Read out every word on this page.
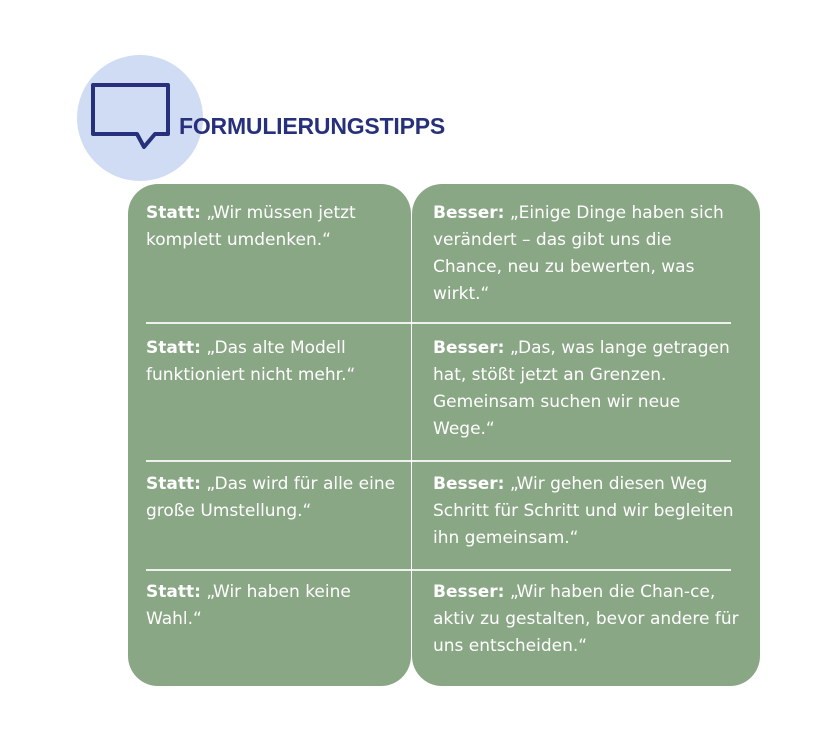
FORMULIERUNGSTIPPS
Statt: „Wir müssen jetzt komplett umdenken.“
Besser: „Einige Dinge haben sich verändert – das gibt uns die Chance, neu zu bewerten, was wirkt.“
Statt: „Das alte Modell funktioniert nicht mehr.“
Besser: „Das, was lange getragen hat, stößt jetzt an Grenzen. Gemeinsam suchen wir neue Wege.“
Statt: „Das wird für alle eine große Umstellung.“
Besser: „Wir gehen diesen Weg Schritt für Schritt und wir begleiten ihn gemeinsam.“
Statt: „Wir haben keine Wahl.“
Besser: „Wir haben die Chan-ce, aktiv zu gestalten, bevor andere für uns entscheiden.“
